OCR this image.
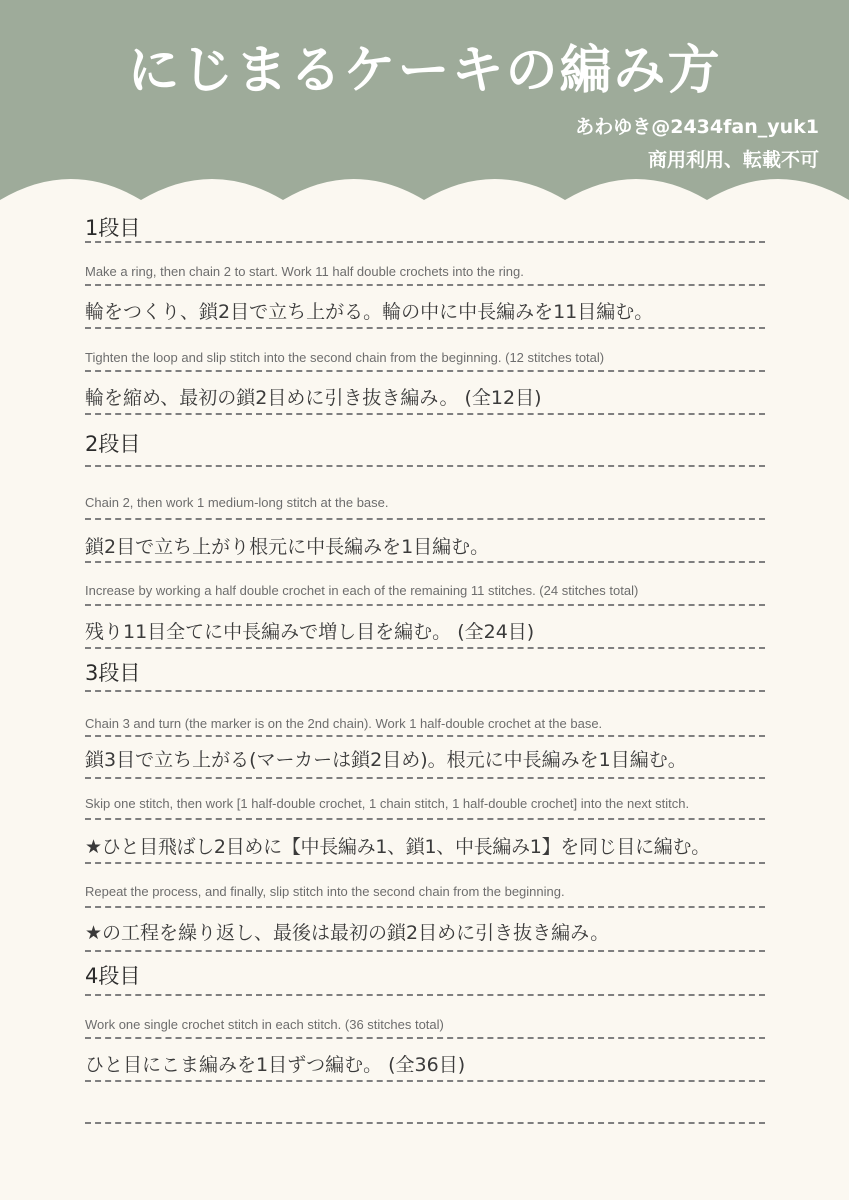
にじまるケーキの編み方
あわゆき@2434fan_yuk1
商用利用、転載不可
1段目
Make a ring, then chain 2 to start. Work 11 half double crochets into the ring.
輪をつくり、鎖2目で立ち上がる。輪の中に中長編みを11目編む。
Tighten the loop and slip stitch into the second chain from the beginning. (12 stitches total)
輪を縮め、最初の鎖2目めに引き抜き編み。 (全12目)
2段目
Chain 2, then work 1 medium-long stitch at the base.
鎖2目で立ち上がり根元に中長編みを1目編む。
Increase by working a half double crochet in each of the remaining 11 stitches. (24 stitches total)
残り11目全てに中長編みで増し目を編む。 (全24目)
3段目
Chain 3 and turn (the marker is on the 2nd chain). Work 1 half-double crochet at the base.
鎖3目で立ち上がる(マーカーは鎖2目め)。根元に中長編みを1目編む。
Skip one stitch, then work [1 half-double crochet, 1 chain stitch, 1 half-double crochet] into the next stitch.
★ひと目飛ばし2目めに【中長編み1、鎖1、中長編み1】を同じ目に編む。
Repeat the process, and finally, slip stitch into the second chain from the beginning.
★の工程を繰り返し、最後は最初の鎖2目めに引き抜き編み。
4段目
Work one single crochet stitch in each stitch. (36 stitches total)
ひと目にこま編みを1目ずつ編む。 (全36目)
